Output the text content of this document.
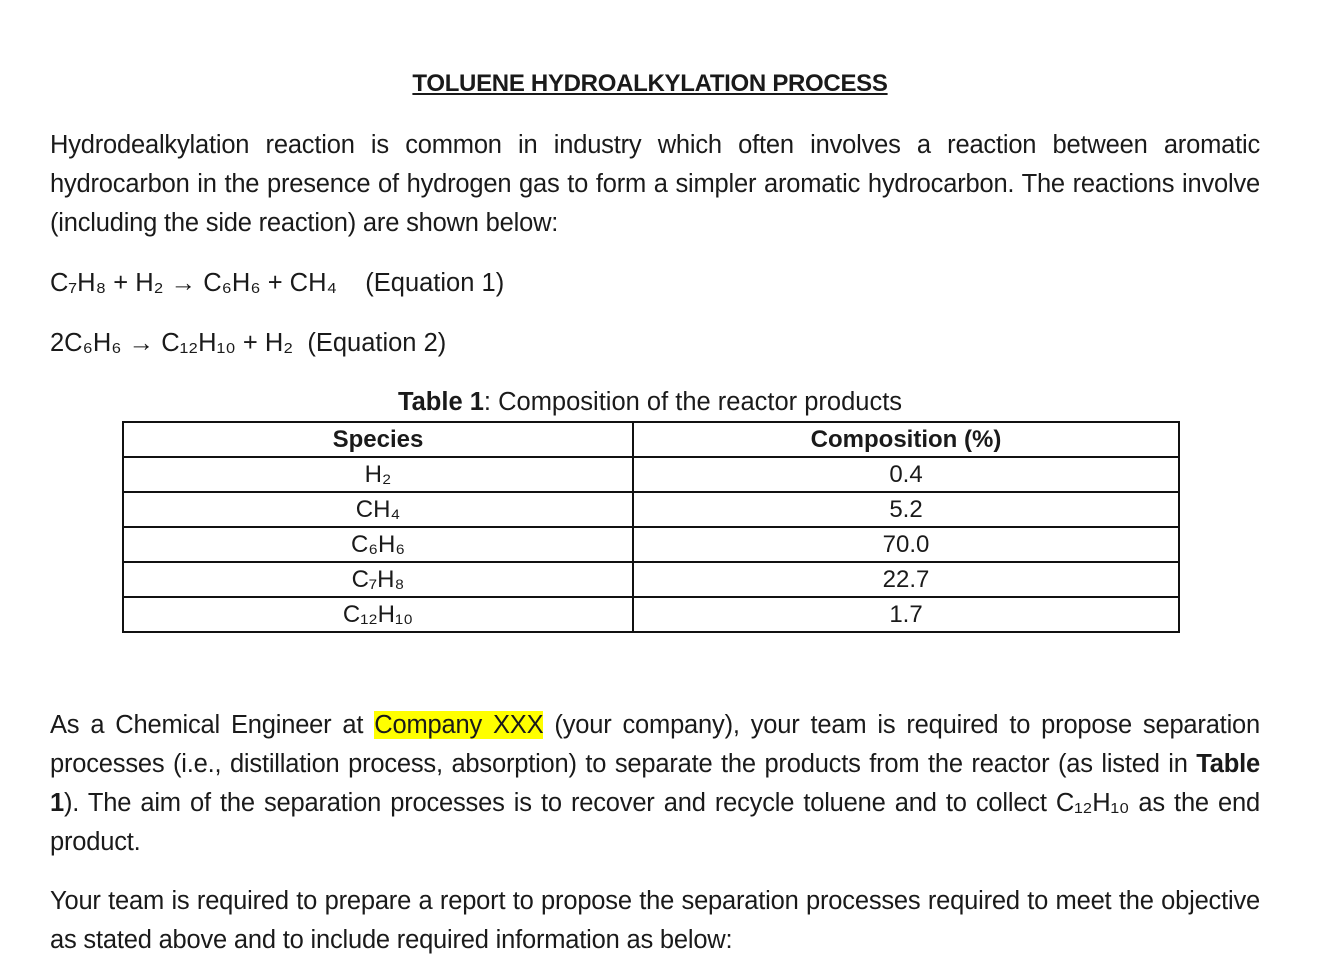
TOLUENE HYDROALKYLATION PROCESS
Hydrodealkylation reaction is common in industry which often involves a reaction between aromatic hydrocarbon in the presence of hydrogen gas to form a simpler aromatic hydrocarbon. The reactions involve (including the side reaction) are shown below:
C₇H₈ + H₂ → C₆H₆ + CH₄ (Equation 1)
2C₆H₆ → C₁₂H₁₀ + H₂ (Equation 2)
Table 1: Composition of the reactor products
Species	Composition (%)
H₂	0.4
CH₄	5.2
C₆H₆	70.0
C₇H₈	22.7
C₁₂H₁₀	1.7
As a Chemical Engineer at Company XXX (your company), your team is required to propose separation processes (i.e., distillation process, absorption) to separate the products from the reactor (as listed in Table 1). The aim of the separation processes is to recover and recycle toluene and to collect C₁₂H₁₀ as the end product.
Your team is required to prepare a report to propose the separation processes required to meet the objective as stated above and to include required information as below:
